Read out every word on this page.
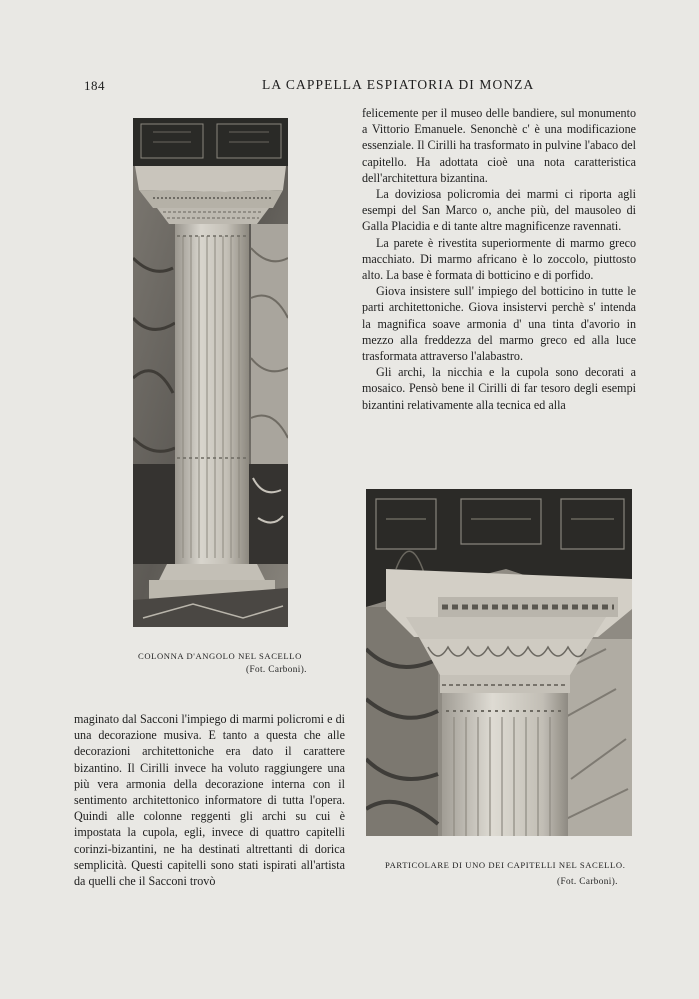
184	LA CAPPELLA ESPIATORIA DI MONZA

felicemente per il museo delle bandiere, sul monumento a Vittorio Emanuele. Senonchè c' è una modificazione essenziale. Il Cirilli ha trasformato in pulvine l'abaco del capitello. Ha adottata cioè una nota caratteristica dell'architettura bizantina.

La doviziosa policromia dei marmi ci riporta agli esempi del San Marco o, anche più, del mausoleo di Galla Placidia e di tante altre magnificenze ravennati.

La parete è rivestita superiormente di marmo greco macchiato. Di marmo africano è lo zoccolo, piuttosto alto. La base è formata di botticino e di porfido.

Giova insistere sull' impiego del botticino in tutte le parti architettoniche. Giova insistervi perchè s' intenda la magnifica soave armonia d' una tinta d'avorio in mezzo alla freddezza del marmo greco ed alla luce trasformata attraverso l'alabastro.

Gli archi, la nicchia e la cupola sono decorati a mosaico. Pensò bene il Cirilli di far tesoro degli esempi bizantini relativamente alla tecnica ed alla

COLONNA D'ANGOLO NEL SACELLO
(Fot. Carboni).
PARTICOLARE DI UNO DEI CAPITELLI NEL SACELLO.
(Fot. Carboni).

maginato dal Sacconi l'impiego di marmi policromi e di una decorazione musiva. E tanto a questa che alle decorazioni architettoniche era dato il carattere bizantino. Il Cirilli invece ha voluto raggiungere una più vera armonia della decorazione interna con il sentimento architettonico informatore di tutta l'opera. Quindi alle colonne reggenti gli archi su cui è impostata la cupola, egli, invece di quattro capitelli corinzi-bizantini, ne ha destinati altrettanti di dorica semplicità. Questi capitelli sono stati ispirati all'artista da quelli che il Sacconi trovò
